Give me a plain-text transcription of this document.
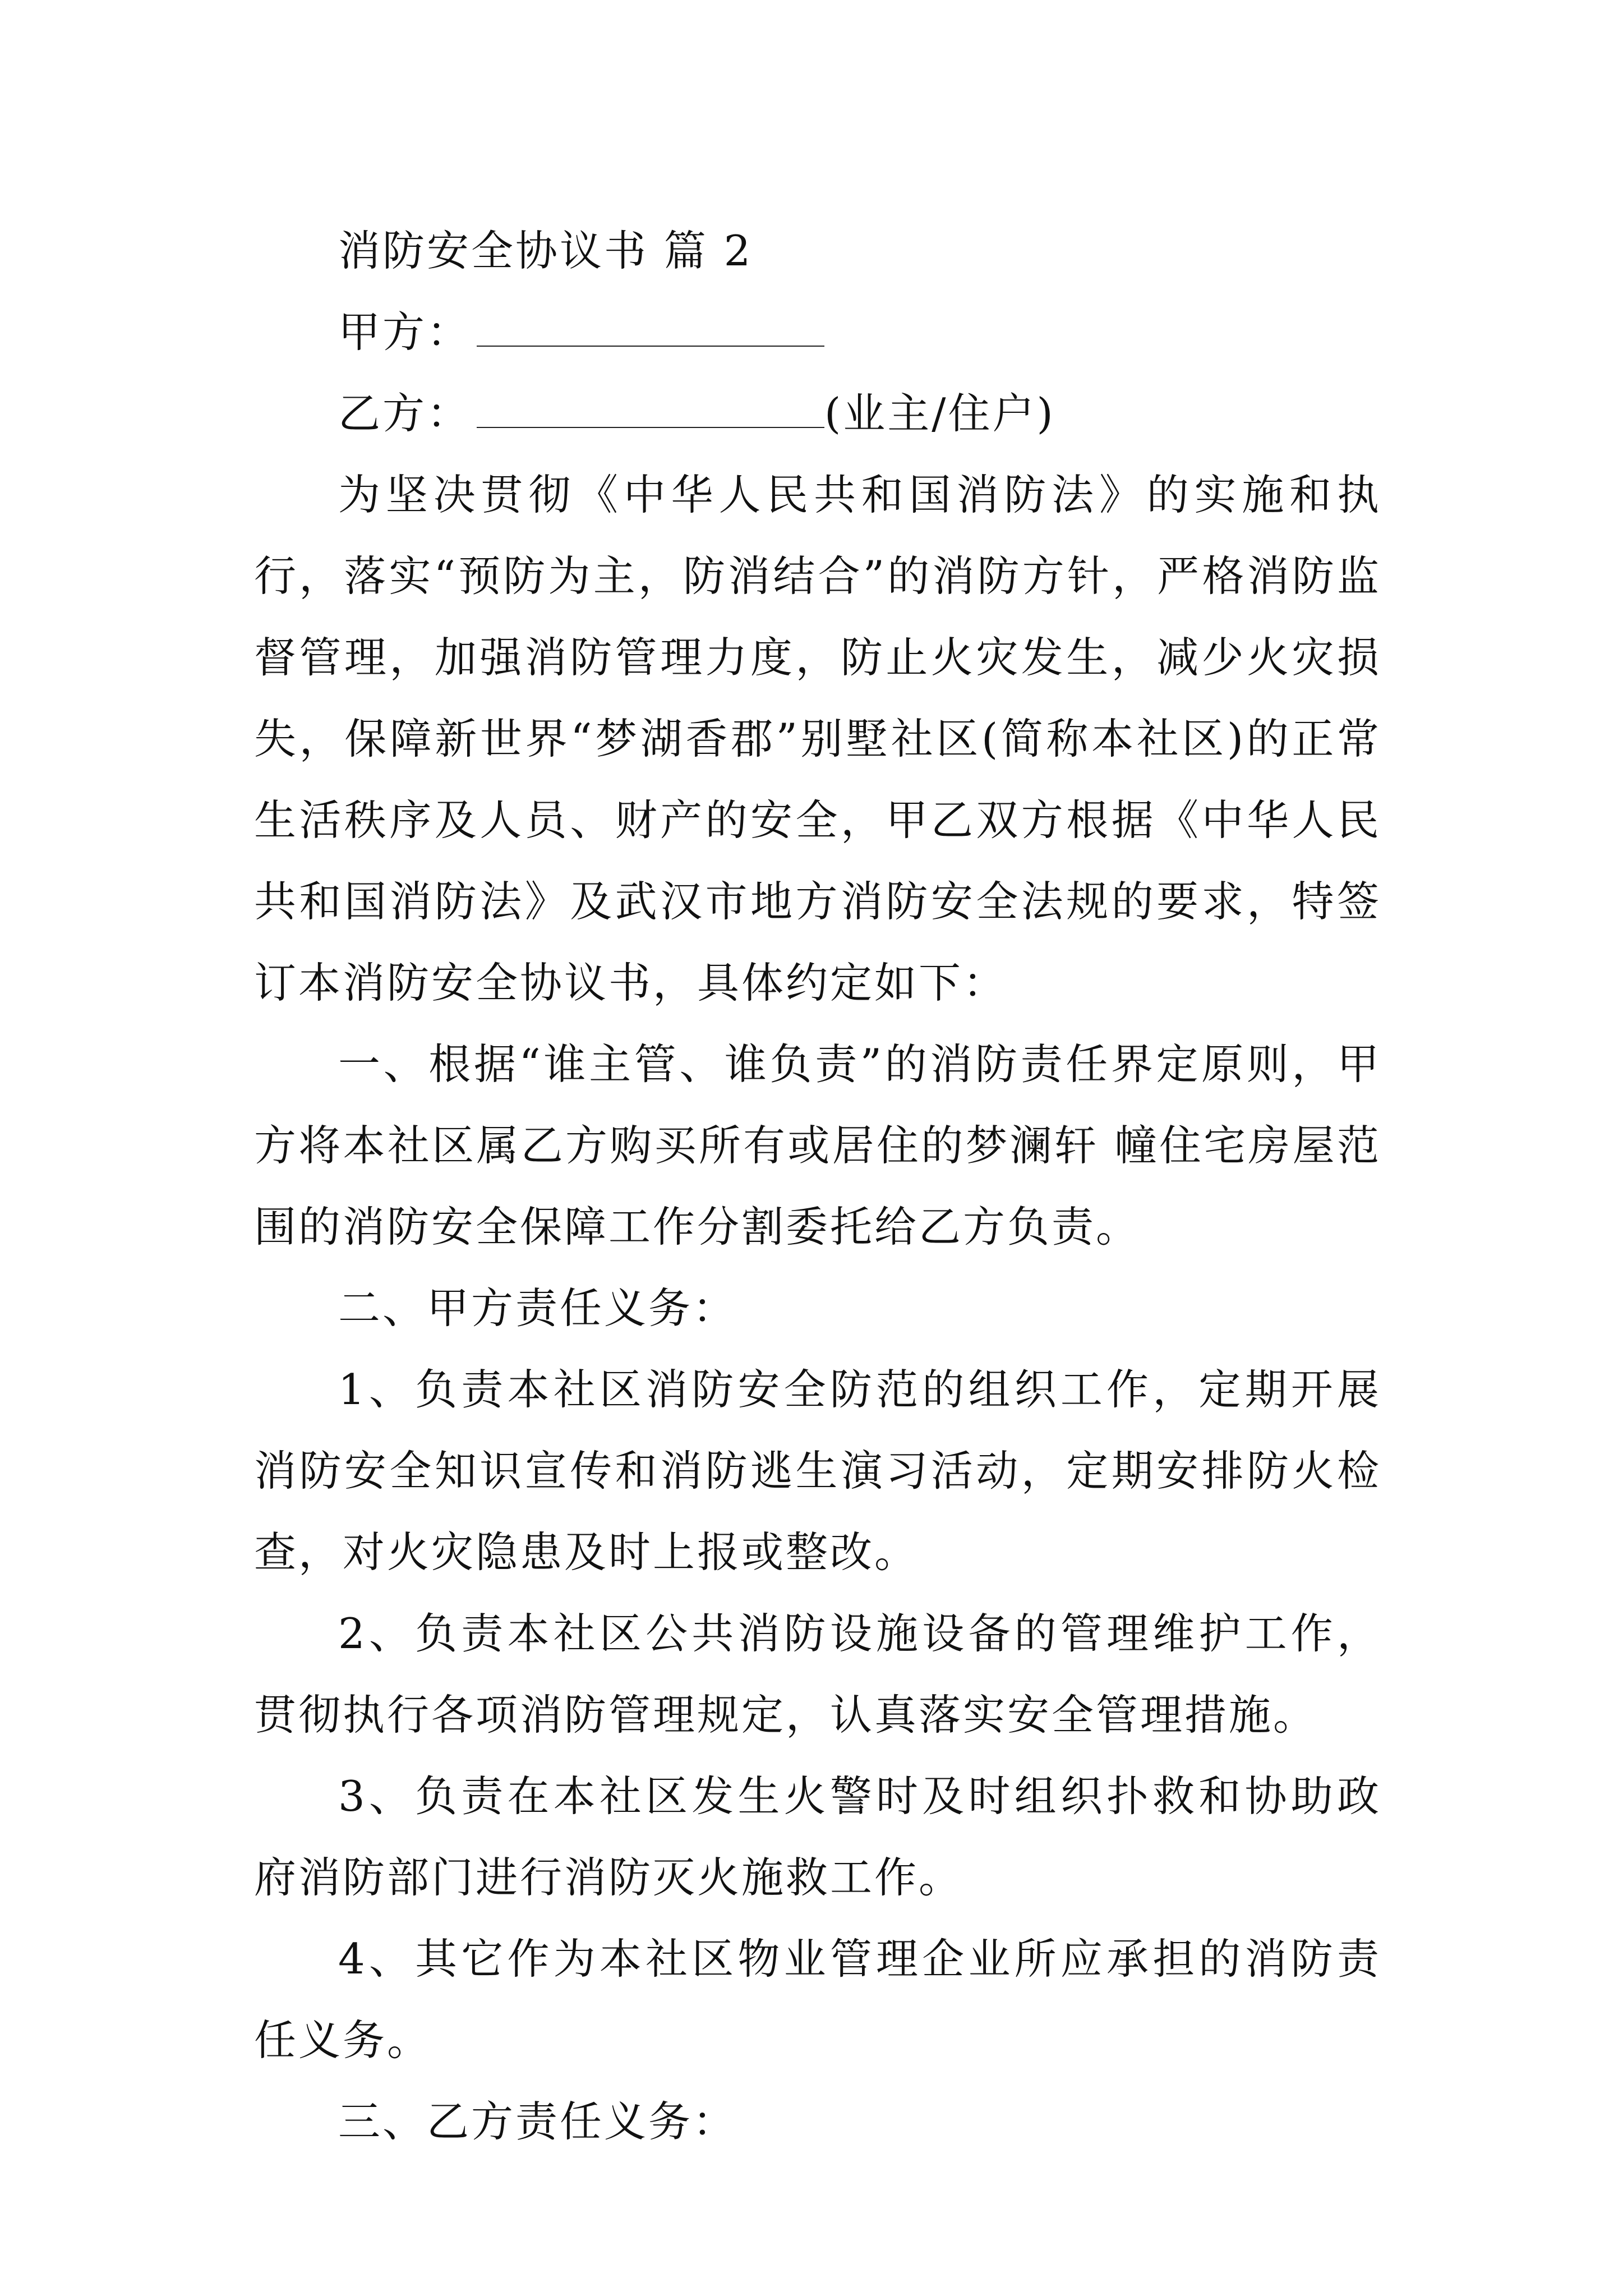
消防安全协议书 篇 2
甲方：
乙方：	(业主/住户)

为坚决贯彻《中华人民共和国消防法》的实施和执行，落实“预防为主，防消结合”的消防方针，严格消防监督管理，加强消防管理力度，防止火灾发生，减少火灾损失，保障新世界“梦湖香郡”别墅社区(简称本社区)的正常生活秩序及人员、财产的安全，甲乙双方根据《中华人民共和国消防法》及武汉市地方消防安全法规的要求，特签订本消防安全协议书，具体约定如下：

一、根据“谁主管、谁负责”的消防责任界定原则，甲方将本社区属乙方购买所有或居住的梦澜轩 幢住宅房屋范围的消防安全保障工作分割委托给乙方负责。

二、甲方责任义务：

1、负责本社区消防安全防范的组织工作，定期开展消防安全知识宣传和消防逃生演习活动，定期安排防火检查，对火灾隐患及时上报或整改。

2、负责本社区公共消防设施设备的管理维护工作，贯彻执行各项消防管理规定，认真落实安全管理措施。

3、负责在本社区发生火警时及时组织扑救和协助政府消防部门进行消防灭火施救工作。

4、其它作为本社区物业管理企业所应承担的消防责任义务。

三、乙方责任义务：
